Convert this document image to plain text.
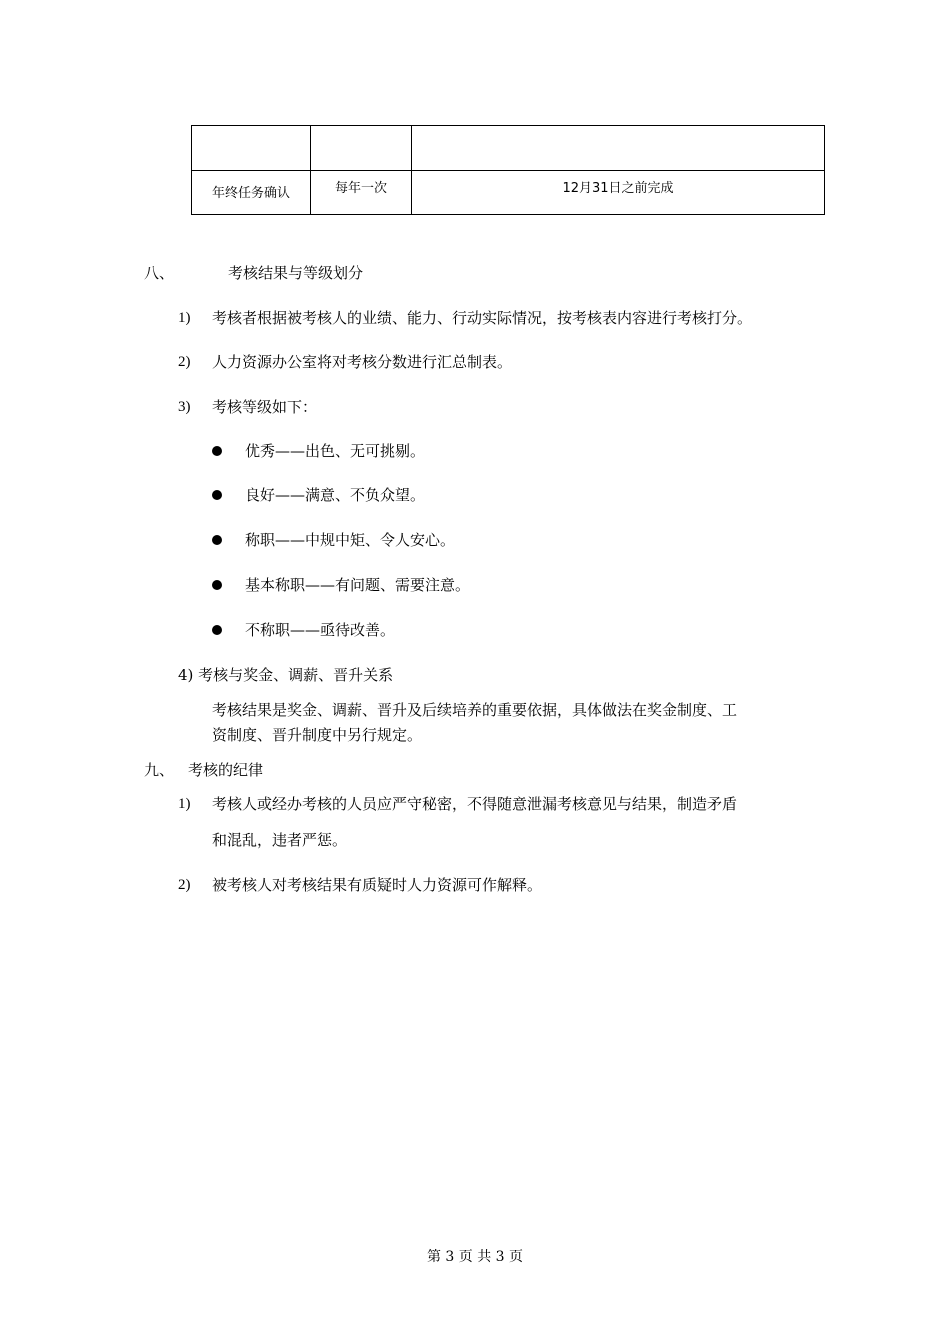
年终任务确认	每年一次	12月31日之前完成
八、	考核结果与等级划分
1) 考核者根据被考核人的业绩、能力、行动实际情况，按考核表内容进行考核打分。
2) 人力资源办公室将对考核分数进行汇总制表。
3) 考核等级如下：
优秀——出色、无可挑剔。
良好——满意、不负众望。
称职——中规中矩、令人安心。
基本称职——有问题、需要注意。
不称职——亟待改善。
4) 考核与奖金、调薪、晋升关系
考核结果是奖金、调薪、晋升及后续培养的重要依据，具体做法在奖金制度、工
资制度、晋升制度中另行规定。
九、 考核的纪律
1) 考核人或经办考核的人员应严守秘密，不得随意泄漏考核意见与结果，制造矛盾
和混乱，违者严惩。
2) 被考核人对考核结果有质疑时人力资源可作解释。
第 3 页 共 3 页
